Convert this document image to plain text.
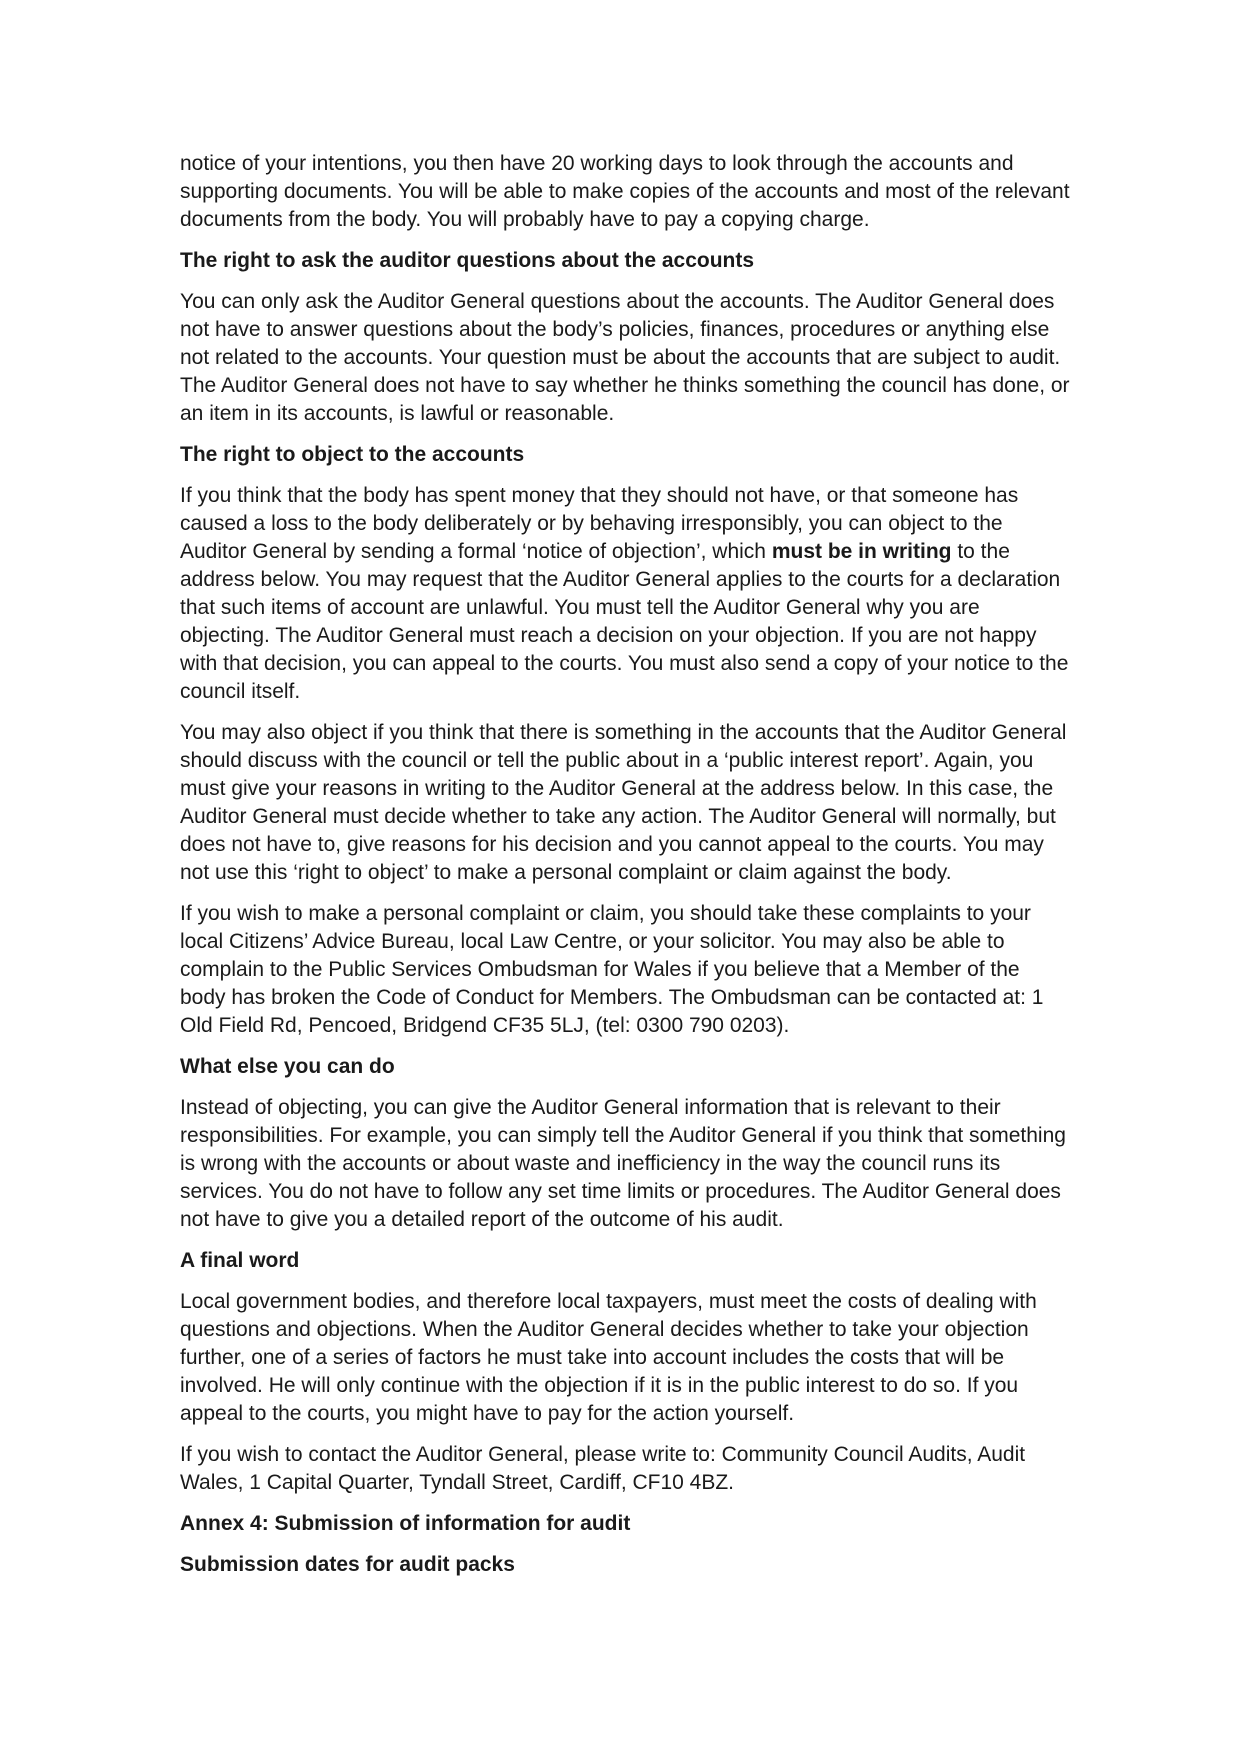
notice of your intentions, you then have 20 working days to look through the accounts and supporting documents. You will be able to make copies of the accounts and most of the relevant documents from the body. You will probably have to pay a copying charge.

The right to ask the auditor questions about the accounts

You can only ask the Auditor General questions about the accounts. The Auditor General does not have to answer questions about the body’s policies, finances, procedures or anything else not related to the accounts. Your question must be about the accounts that are subject to audit. The Auditor General does not have to say whether he thinks something the council has done, or an item in its accounts, is lawful or reasonable.

The right to object to the accounts

If you think that the body has spent money that they should not have, or that someone has caused a loss to the body deliberately or by behaving irresponsibly, you can object to the Auditor General by sending a formal ‘notice of objection’, which must be in writing to the address below. You may request that the Auditor General applies to the courts for a declaration that such items of account are unlawful. You must tell the Auditor General why you are objecting. The Auditor General must reach a decision on your objection. If you are not happy with that decision, you can appeal to the courts. You must also send a copy of your notice to the council itself.

You may also object if you think that there is something in the accounts that the Auditor General should discuss with the council or tell the public about in a ‘public interest report’. Again, you must give your reasons in writing to the Auditor General at the address below. In this case, the Auditor General must decide whether to take any action. The Auditor General will normally, but does not have to, give reasons for his decision and you cannot appeal to the courts. You may not use this ‘right to object’ to make a personal complaint or claim against the body.

If you wish to make a personal complaint or claim, you should take these complaints to your local Citizens’ Advice Bureau, local Law Centre, or your solicitor. You may also be able to complain to the Public Services Ombudsman for Wales if you believe that a Member of the body has broken the Code of Conduct for Members. The Ombudsman can be contacted at: 1 Old Field Rd, Pencoed, Bridgend CF35 5LJ, (tel: 0300 790 0203).

What else you can do

Instead of objecting, you can give the Auditor General information that is relevant to their responsibilities. For example, you can simply tell the Auditor General if you think that something is wrong with the accounts or about waste and inefficiency in the way the council runs its services. You do not have to follow any set time limits or procedures. The Auditor General does not have to give you a detailed report of the outcome of his audit.

A final word

Local government bodies, and therefore local taxpayers, must meet the costs of dealing with questions and objections. When the Auditor General decides whether to take your objection further, one of a series of factors he must take into account includes the costs that will be involved. He will only continue with the objection if it is in the public interest to do so. If you appeal to the courts, you might have to pay for the action yourself.

If you wish to contact the Auditor General, please write to: Community Council Audits, Audit Wales, 1 Capital Quarter, Tyndall Street, Cardiff, CF10 4BZ.

Annex 4: Submission of information for audit
Submission dates for audit packs
